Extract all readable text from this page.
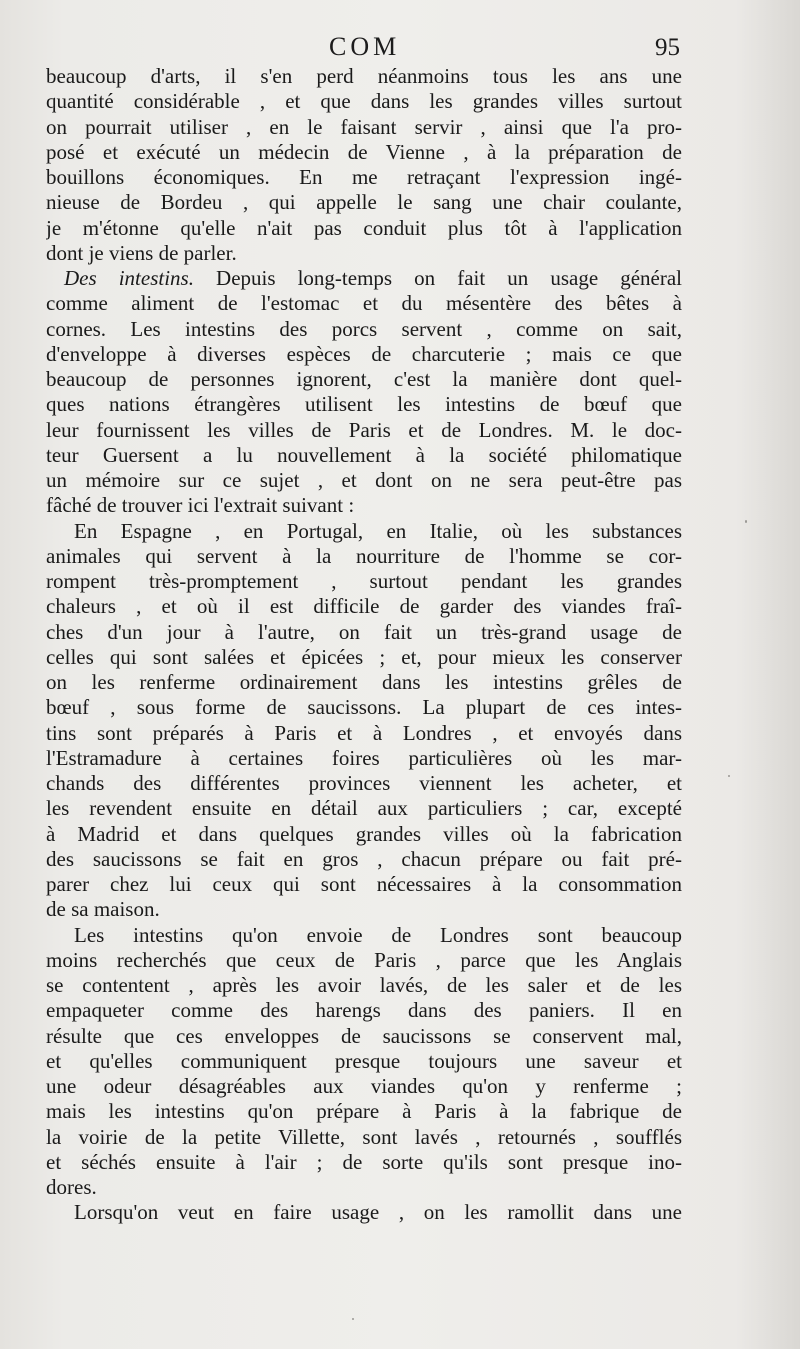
COM	95
beaucoup d'arts, il s'en perd néanmoins tous les ans une
quantité considérable , et que dans les grandes villes surtout
on pourrait utiliser , en le faisant servir , ainsi que l'a pro-
posé et exécuté un médecin de Vienne , à la préparation de
bouillons économiques. En me retraçant l'expression ingé-
nieuse de Bordeu , qui appelle le sang une chair coulante,
je m'étonne qu'elle n'ait pas conduit plus tôt à l'application
dont je viens de parler.
Des intestins. Depuis long-temps on fait un usage général
comme aliment de l'estomac et du mésentère des bêtes à
cornes. Les intestins des porcs servent , comme on sait,
d'enveloppe à diverses espèces de charcuterie ; mais ce que
beaucoup de personnes ignorent, c'est la manière dont quel-
ques nations étrangères utilisent les intestins de bœuf que
leur fournissent les villes de Paris et de Londres. M. le doc-
teur Guersent a lu nouvellement à la société philomatique
un mémoire sur ce sujet , et dont on ne sera peut-être pas
fâché de trouver ici l'extrait suivant :
En Espagne , en Portugal, en Italie, où les substances
animales qui servent à la nourriture de l'homme se cor-
rompent très-promptement , surtout pendant les grandes
chaleurs , et où il est difficile de garder des viandes fraî-
ches d'un jour à l'autre, on fait un très-grand usage de
celles qui sont salées et épicées ; et, pour mieux les conserver
on les renferme ordinairement dans les intestins grêles de
bœuf , sous forme de saucissons. La plupart de ces intes-
tins sont préparés à Paris et à Londres , et envoyés dans
l'Estramadure à certaines foires particulières où les mar-
chands des différentes provinces viennent les acheter, et
les revendent ensuite en détail aux particuliers ; car, excepté
à Madrid et dans quelques grandes villes où la fabrication
des saucissons se fait en gros , chacun prépare ou fait pré-
parer chez lui ceux qui sont nécessaires à la consommation
de sa maison.
Les intestins qu'on envoie de Londres sont beaucoup
moins recherchés que ceux de Paris , parce que les Anglais
se contentent , après les avoir lavés, de les saler et de les
empaqueter comme des harengs dans des paniers. Il en
résulte que ces enveloppes de saucissons se conservent mal,
et qu'elles communiquent presque toujours une saveur et
une odeur désagréables aux viandes qu'on y renferme ;
mais les intestins qu'on prépare à Paris à la fabrique de
la voirie de la petite Villette, sont lavés , retournés , soufflés
et séchés ensuite à l'air ; de sorte qu'ils sont presque ino-
dores.
Lorsqu'on veut en faire usage , on les ramollit dans une
